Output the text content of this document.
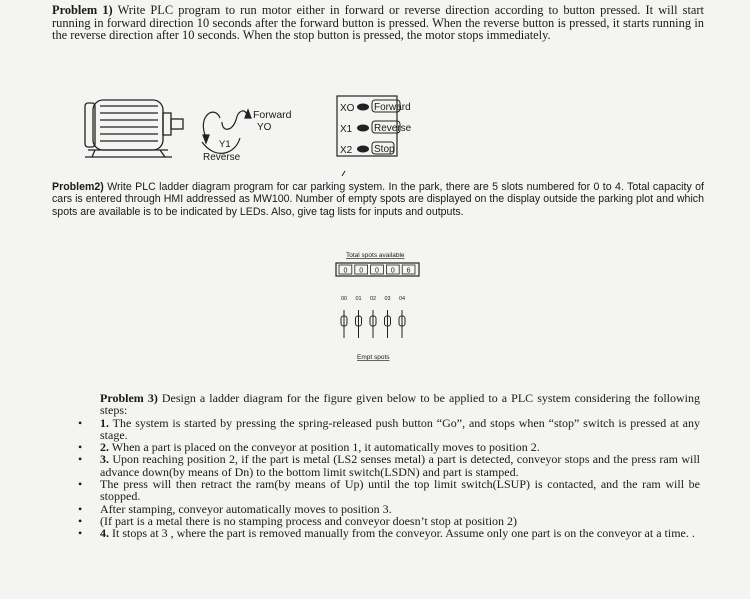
Problem 1) Write PLC program to run motor either in forward or reverse direction according to button pressed. It will start running in forward direction 10 seconds after the forward button is pressed. When the reverse button is pressed, it starts running in the reverse direction after 10 seconds. When the stop button is pressed, the motor stops immediately.
Forward
YO
Y1
Reverse
XO
X1
X2
Forward
Reverse
Stop
Total spots available
0 0 0 0 6
00 01 02 03 04
Empt spots
Problem2) Write PLC ladder diagram program for car parking system. In the park, there are 5 slots numbered for 0 to 4. Total capacity of cars is entered through HMI addressed as MW100. Number of empty spots are displayed on the display outside the parking plot and which spots are available is to be indicated by LEDs. Also, give tag lists for inputs and outputs.
Problem 3) Design a ladder diagram for the figure given below to be applied to a PLC system considering the following steps:
• 1. The system is started by pressing the spring-released push button “Go”, and stops when “stop” switch is pressed at any stage.
• 2. When a part is placed on the conveyor at position 1, it automatically moves to position 2.
• 3. Upon reaching position 2, if the part is metal (LS2 senses metal) a part is detected, conveyor stops and the press ram will advance down(by means of Dn) to the bottom limit switch(LSDN) and part is stamped.
• The press will then retract the ram(by means of Up) until the top limit switch(LSUP) is contacted, and the ram will be stopped.
• After stamping, conveyor automatically moves to position 3.
• (If part is a metal there is no stamping process and conveyor doesn’t stop at position 2)
• 4. It stops at 3 , where the part is removed manually from the conveyor. Assume only one part is on the conveyor at a time. .
